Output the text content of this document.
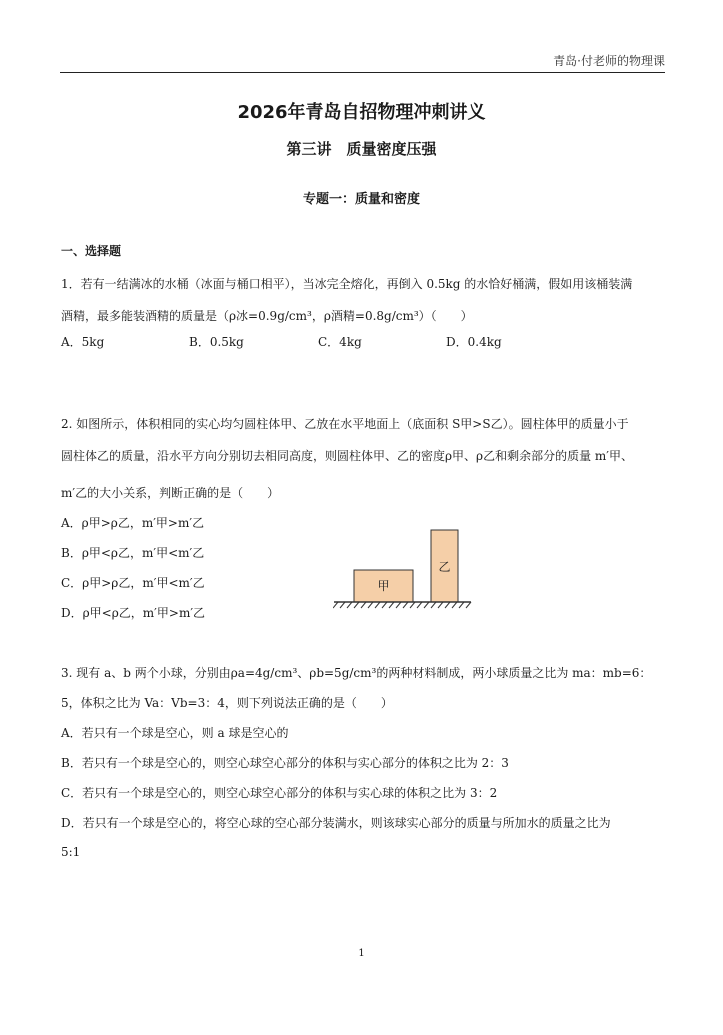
青岛·付老师的物理课
2026年青岛自招物理冲刺讲义
第三讲　质量密度压强
专题一：质量和密度
一、选择题
1．若有一结满冰的水桶（冰面与桶口相平），当冰完全熔化，再倒入 0.5kg 的水恰好桶满，假如用该桶装满
酒精，最多能装酒精的质量是（ρ冰=0.9g/cm³，ρ酒精=0.8g/cm³）（　　）
A．5kg	B．0.5kg	C．4kg	D．0.4kg
2. 如图所示，体积相同的实心均匀圆柱体甲、乙放在水平地面上（底面积 S甲>S乙）。圆柱体甲的质量小于
圆柱体乙的质量，沿水平方向分别切去相同高度，则圆柱体甲、乙的密度ρ甲、ρ乙和剩余部分的质量 m′甲、
m′乙的大小关系，判断正确的是（　　）
A．ρ甲>ρ乙，m′甲>m′乙
B．ρ甲<ρ乙，m′甲<m′乙
C．ρ甲>ρ乙，m′甲<m′乙
D．ρ甲<ρ乙，m′甲>m′乙
甲
乙
3. 现有 a、b 两个小球，分别由ρa=4g/cm³、ρb=5g/cm³的两种材料制成，两小球质量之比为 ma：mb=6：
5，体积之比为 Va：Vb=3：4，则下列说法正确的是（　　）
A．若只有一个球是空心，则 a 球是空心的
B．若只有一个球是空心的，则空心球空心部分的体积与实心部分的体积之比为 2：3
C．若只有一个球是空心的，则空心球空心部分的体积与实心球的体积之比为 3：2
D．若只有一个球是空心的，将空心球的空心部分装满水，则该球实心部分的质量与所加水的质量之比为
5:1
1
